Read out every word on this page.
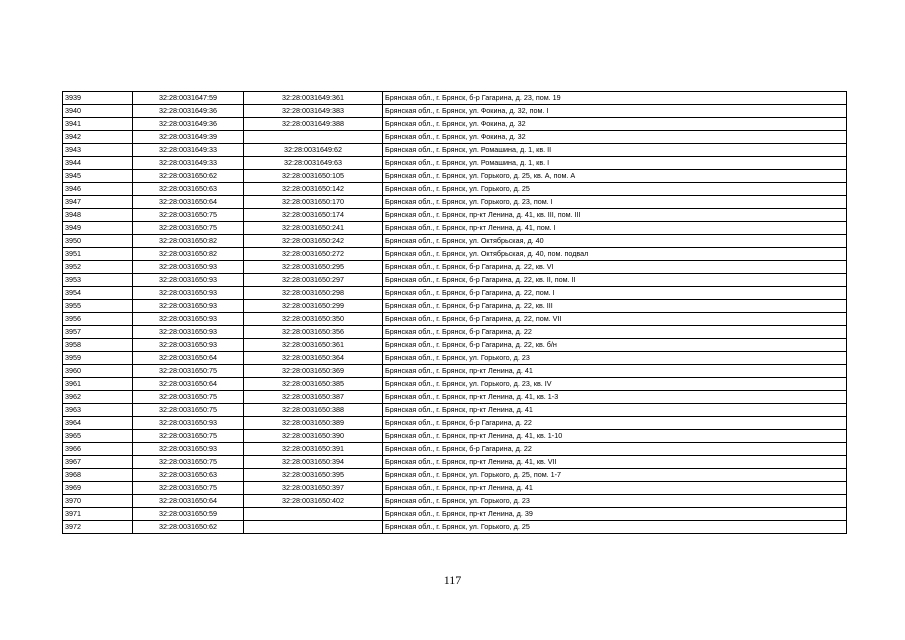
3939	32:28:0031647:59	32:28:0031649:361	Брянская обл., г. Брянск, б-р Гагарина, д. 23, пом. 19
3940	32:28:0031649:36	32:28:0031649:383	Брянская обл., г. Брянск, ул. Фокина, д. 32, пом. I
3941	32:28:0031649:36	32:28:0031649:388	Брянская обл., г. Брянск, ул. Фокина, д. 32
3942	32:28:0031649:39		Брянская обл., г. Брянск, ул. Фокина, д. 32
3943	32:28:0031649:33	32:28:0031649:62	Брянская обл., г. Брянск, ул. Ромашина, д. 1, кв. II
3944	32:28:0031649:33	32:28:0031649:63	Брянская обл., г. Брянск, ул. Ромашина, д. 1, кв. I
3945	32:28:0031650:62	32:28:0031650:105	Брянская обл., г. Брянск, ул. Горького, д. 25, кв. А, пом. А
3946	32:28:0031650:63	32:28:0031650:142	Брянская обл., г. Брянск, ул. Горького, д. 25
3947	32:28:0031650:64	32:28:0031650:170	Брянская обл., г. Брянск, ул. Горького, д. 23, пом. I
3948	32:28:0031650:75	32:28:0031650:174	Брянская обл., г. Брянск, пр-кт Ленина, д. 41, кв. III, пом. III
3949	32:28:0031650:75	32:28:0031650:241	Брянская обл., г. Брянск, пр-кт Ленина, д. 41, пом. I
3950	32:28:0031650:82	32:28:0031650:242	Брянская обл., г. Брянск, ул. Октябрьская, д. 40
3951	32:28:0031650:82	32:28:0031650:272	Брянская обл., г. Брянск, ул. Октябрьская, д. 40, пом. подвал
3952	32:28:0031650:93	32:28:0031650:295	Брянская обл., г. Брянск, б-р Гагарина, д. 22, кв. VI
3953	32:28:0031650:93	32:28:0031650:297	Брянская обл., г. Брянск, б-р Гагарина, д. 22, кв. II, пом. II
3954	32:28:0031650:93	32:28:0031650:298	Брянская обл., г. Брянск, б-р Гагарина, д. 22, пом. I
3955	32:28:0031650:93	32:28:0031650:299	Брянская обл., г. Брянск, б-р Гагарина, д. 22, кв. III
3956	32:28:0031650:93	32:28:0031650:350	Брянская обл., г. Брянск, б-р Гагарина, д. 22, пом. VII
3957	32:28:0031650:93	32:28:0031650:356	Брянская обл., г. Брянск, б-р Гагарина, д. 22
3958	32:28:0031650:93	32:28:0031650:361	Брянская обл., г. Брянск, б-р Гагарина, д. 22, кв. б/н
3959	32:28:0031650:64	32:28:0031650:364	Брянская обл., г. Брянск, ул. Горького, д. 23
3960	32:28:0031650:75	32:28:0031650:369	Брянская обл., г. Брянск, пр-кт Ленина, д. 41
3961	32:28:0031650:64	32:28:0031650:385	Брянская обл., г. Брянск, ул. Горького, д. 23, кв. IV
3962	32:28:0031650:75	32:28:0031650:387	Брянская обл., г. Брянск, пр-кт Ленина, д. 41, кв. 1-3
3963	32:28:0031650:75	32:28:0031650:388	Брянская обл., г. Брянск, пр-кт Ленина, д. 41
3964	32:28:0031650:93	32:28:0031650:389	Брянская обл., г. Брянск, б-р Гагарина, д. 22
3965	32:28:0031650:75	32:28:0031650:390	Брянская обл., г. Брянск, пр-кт Ленина, д. 41, кв. 1-10
3966	32:28:0031650:93	32:28:0031650:391	Брянская обл., г. Брянск, б-р Гагарина, д. 22
3967	32:28:0031650:75	32:28:0031650:394	Брянская обл., г. Брянск, пр-кт Ленина, д. 41, кв. VII
3968	32:28:0031650:63	32:28:0031650:395	Брянская обл., г. Брянск, ул. Горького, д. 25, пом. 1-7
3969	32:28:0031650:75	32:28:0031650:397	Брянская обл., г. Брянск, пр-кт Ленина, д. 41
3970	32:28:0031650:64	32:28:0031650:402	Брянская обл., г. Брянск, ул. Горького, д. 23
3971	32:28:0031650:59		Брянская обл., г. Брянск, пр-кт Ленина, д. 39
3972	32:28:0031650:62		Брянская обл., г. Брянск, ул. Горького, д. 25
117
